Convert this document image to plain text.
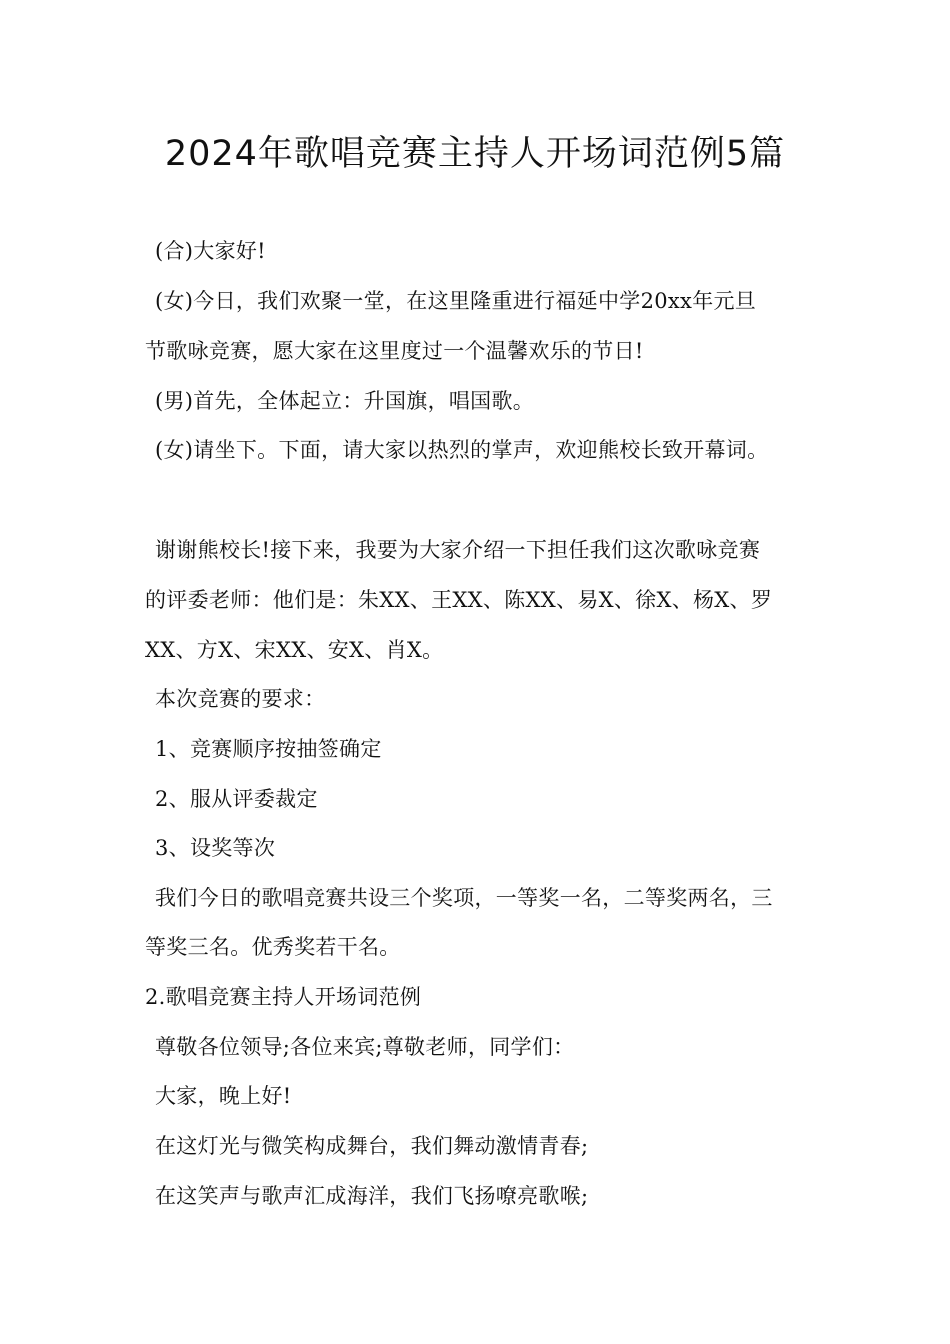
2024年歌唱竞赛主持人开场词范例5篇
(合)大家好!
(女)今日，我们欢聚一堂，在这里隆重进行福延中学20xx年元旦
节歌咏竞赛，愿大家在这里度过一个温馨欢乐的节日!
(男)首先，全体起立：升国旗，唱国歌。
(女)请坐下。下面，请大家以热烈的掌声，欢迎熊校长致开幕词。
谢谢熊校长!接下来，我要为大家介绍一下担任我们这次歌咏竞赛
的评委老师：他们是：朱XX、王XX、陈XX、易X、徐X、杨X、罗
XX、方X、宋XX、安X、肖X。
本次竞赛的要求：
1、竞赛顺序按抽签确定
2、服从评委裁定
3、设奖等次
我们今日的歌唱竞赛共设三个奖项，一等奖一名，二等奖两名，三
等奖三名。优秀奖若干名。
2.歌唱竞赛主持人开场词范例
尊敬各位领导;各位来宾;尊敬老师，同学们：
大家，晚上好!
在这灯光与微笑构成舞台，我们舞动激情青春;
在这笑声与歌声汇成海洋，我们飞扬嘹亮歌喉;
